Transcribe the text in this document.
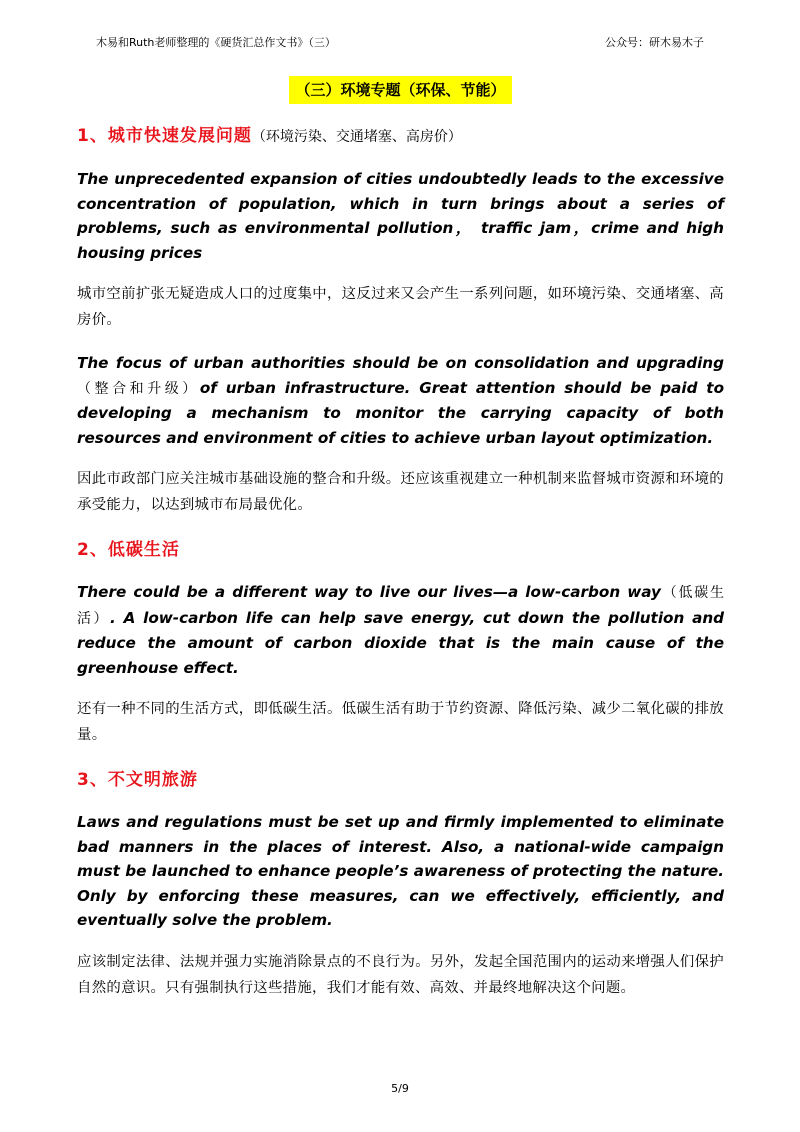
木易和Ruth老师整理的《硬货汇总作文书》（三）	公众号：研木易木子
（三）环境专题（环保、节能）
1、城市快速发展问题（环境污染、交通堵塞、高房价）

The unprecedented expansion of cities undoubtedly leads to the excessive concentration of population, which in turn brings about a series of problems, such as environmental pollution， traffic jam，crime and high housing prices

城市空前扩张无疑造成人口的过度集中，这反过来又会产生一系列问题，如环境污染、交通堵塞、高房价。

The focus of urban authorities should be on consolidation and upgrading（整合和升级）of urban infrastructure. Great attention should be paid to developing a mechanism to monitor the carrying capacity of both resources and environment of cities to achieve urban layout optimization.

因此市政部门应关注城市基础设施的整合和升级。还应该重视建立一种机制来监督城市资源和环境的承受能力，以达到城市布局最优化。

2、低碳生活

There could be a different way to live our lives—a low-carbon way（低碳生活）. A low-carbon life can help save energy, cut down the pollution and reduce the amount of carbon dioxide that is the main cause of the greenhouse effect.

还有一种不同的生活方式，即低碳生活。低碳生活有助于节约资源、降低污染、减少二氧化碳的排放量。

3、不文明旅游

Laws and regulations must be set up and firmly implemented to eliminate bad manners in the places of interest. Also, a national-wide campaign must be launched to enhance people’s awareness of protecting the nature. Only by enforcing these measures, can we effectively, efficiently, and eventually solve the problem.

应该制定法律、法规并强力实施消除景点的不良行为。另外，发起全国范围内的运动来增强人们保护自然的意识。只有强制执行这些措施，我们才能有效、高效、并最终地解决这个问题。

5/9
